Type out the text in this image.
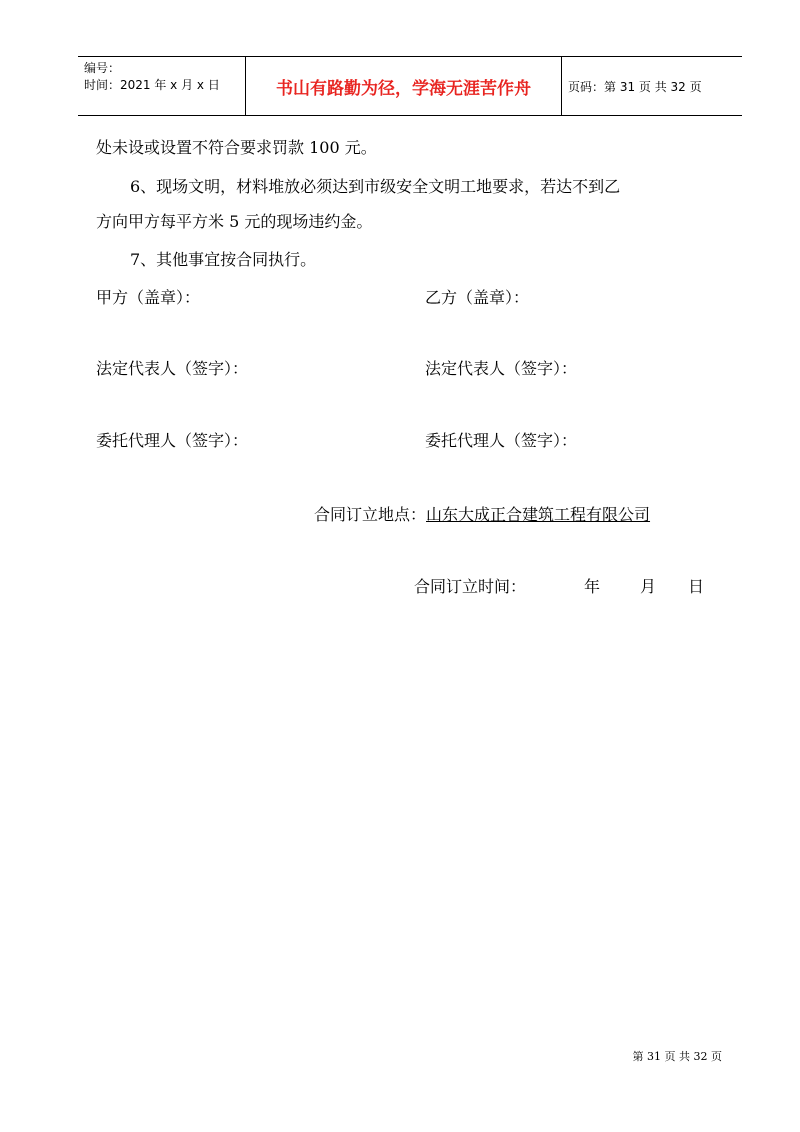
编号：
时间：2021 年 x 月 x 日	书山有路勤为径，学海无涯苦作舟	页码：第 31 页 共 32 页
处未设或设置不符合要求罚款 100 元。
6、现场文明，材料堆放必须达到市级安全文明工地要求，若达不到乙
方向甲方每平方米 5 元的现场违约金。
7、其他事宜按合同执行。
甲方（盖章）：	乙方（盖章）：
法定代表人（签字）：	法定代表人（签字）：
委托代理人（签字）：	委托代理人（签字）：
合同订立地点：山东大成正合建筑工程有限公司
合同订立时间：	年 月 日
第 31 页 共 32 页
